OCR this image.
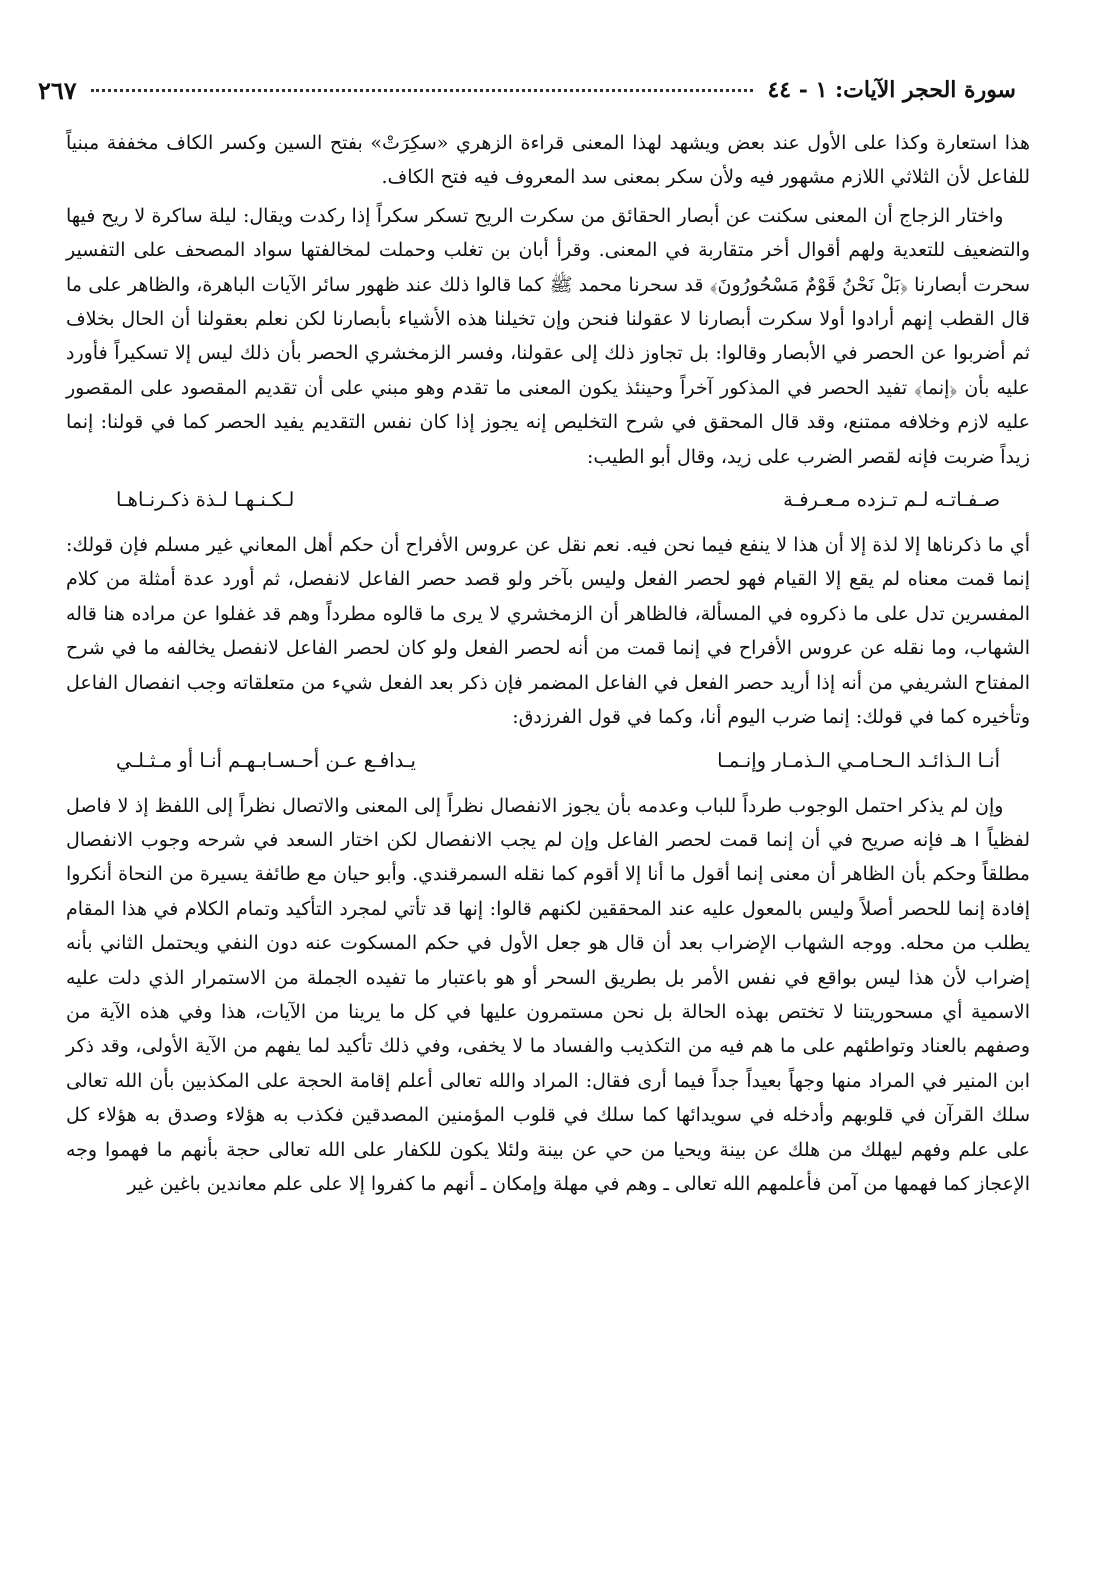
سورة الحجر الآيات: ١ - ٤٤
٢٦٧

هذا استعارة وكذا على الأول عند بعض ويشهد لهذا المعنى قراءة الزهري «سكِرَتْ» بفتح السين وكسر الكاف مخففة مبنياً للفاعل لأن الثلاثي اللازم مشهور فيه ولأن سكر بمعنى سد المعروف فيه فتح الكاف.

واختار الزجاج أن المعنى سكنت عن أبصار الحقائق من سكرت الريح تسكر سكراً إذا ركدت ويقال: ليلة ساكرة لا ريح فيها والتضعيف للتعدية ولهم أقوال أخر متقاربة في المعنى. وقرأ أبان بن تغلب وحملت لمخالفتها سواد المصحف على التفسير سحرت أبصارنا ﴿بَلْ نَحْنُ قَوْمٌ مَسْحُورُونَ﴾ قد سحرنا محمد ﷺ كما قالوا ذلك عند ظهور سائر الآيات الباهرة، والظاهر على ما قال القطب إنهم أرادوا أولا سكرت أبصارنا لا عقولنا فنحن وإن تخيلنا هذه الأشياء بأبصارنا لكن نعلم بعقولنا أن الحال بخلاف ثم أضربوا عن الحصر في الأبصار وقالوا: بل تجاوز ذلك إلى عقولنا، وفسر الزمخشري الحصر بأن ذلك ليس إلا تسكيراً فأورد عليه بأن ﴿إنما﴾ تفيد الحصر في المذكور آخراً وحينئذ يكون المعنى ما تقدم وهو مبني على أن تقديم المقصود على المقصور عليه لازم وخلافه ممتنع، وقد قال المحقق في شرح التخليص إنه يجوز إذا كان نفس التقديم يفيد الحصر كما في قولنا: إنما زيداً ضربت فإنه لقصر الضرب على زيد، وقال أبو الطيب:

صـفـاتـه لـم تـزده مـعـرفـة
لـكـنـهـا لـذة ذكـرنـاهـا

أي ما ذكرناها إلا لذة إلا أن هذا لا ينفع فيما نحن فيه. نعم نقل عن عروس الأفراح أن حكم أهل المعاني غير مسلم فإن قولك: إنما قمت معناه لم يقع إلا القيام فهو لحصر الفعل وليس بآخر ولو قصد حصر الفاعل لانفصل، ثم أورد عدة أمثلة من كلام المفسرين تدل على ما ذكروه في المسألة، فالظاهر أن الزمخشري لا يرى ما قالوه مطرداً وهم قد غفلوا عن مراده هنا قاله الشهاب، وما نقله عن عروس الأفراح في إنما قمت من أنه لحصر الفعل ولو كان لحصر الفاعل لانفصل يخالفه ما في شرح المفتاح الشريفي من أنه إذا أريد حصر الفعل في الفاعل المضمر فإن ذكر بعد الفعل شيء من متعلقاته وجب انفصال الفاعل وتأخيره كما في قولك: إنما ضرب اليوم أنا، وكما في قول الفرزدق:

أنـا الـذائـد الـحـامـي الـذمـار وإنـمـا
يـدافـع عـن أحـسـابـهـم أنـا أو مـثـلـي

وإن لم يذكر احتمل الوجوب طرداً للباب وعدمه بأن يجوز الانفصال نظراً إلى المعنى والاتصال نظراً إلى اللفظ إذ لا فاصل لفظياً ا هـ فإنه صريح في أن إنما قمت لحصر الفاعل وإن لم يجب الانفصال لكن اختار السعد في شرحه وجوب الانفصال مطلقاً وحكم بأن الظاهر أن معنى إنما أقول ما أنا إلا أقوم كما نقله السمرقندي. وأبو حيان مع طائفة يسيرة من النحاة أنكروا إفادة إنما للحصر أصلاً وليس بالمعول عليه عند المحققين لكنهم قالوا: إنها قد تأتي لمجرد التأكيد وتمام الكلام في هذا المقام يطلب من محله. ووجه الشهاب الإضراب بعد أن قال هو جعل الأول في حكم المسكوت عنه دون النفي ويحتمل الثاني بأنه إضراب لأن هذا ليس بواقع في نفس الأمر بل بطريق السحر أو هو باعتبار ما تفيده الجملة من الاستمرار الذي دلت عليه الاسمية أي مسحوريتنا لا تختص بهذه الحالة بل نحن مستمرون عليها في كل ما يرينا من الآيات، هذا وفي هذه الآية من وصفهم بالعناد وتواطئهم على ما هم فيه من التكذيب والفساد ما لا يخفى، وفي ذلك تأكيد لما يفهم من الآية الأولى، وقد ذكر ابن المنير في المراد منها وجهاً بعيداً جداً فيما أرى فقال: المراد والله تعالى أعلم إقامة الحجة على المكذبين بأن الله تعالى سلك القرآن في قلوبهم وأدخله في سويدائها كما سلك في قلوب المؤمنين المصدقين فكذب به هؤلاء وصدق به هؤلاء كل على علم وفهم ليهلك من هلك عن بينة ويحيا من حي عن بينة ولئلا يكون للكفار على الله تعالى حجة بأنهم ما فهموا وجه الإعجاز كما فهمها من آمن فأعلمهم الله تعالى ـ وهم في مهلة وإمكان ـ أنهم ما كفروا إلا على علم معاندين باغين غير
